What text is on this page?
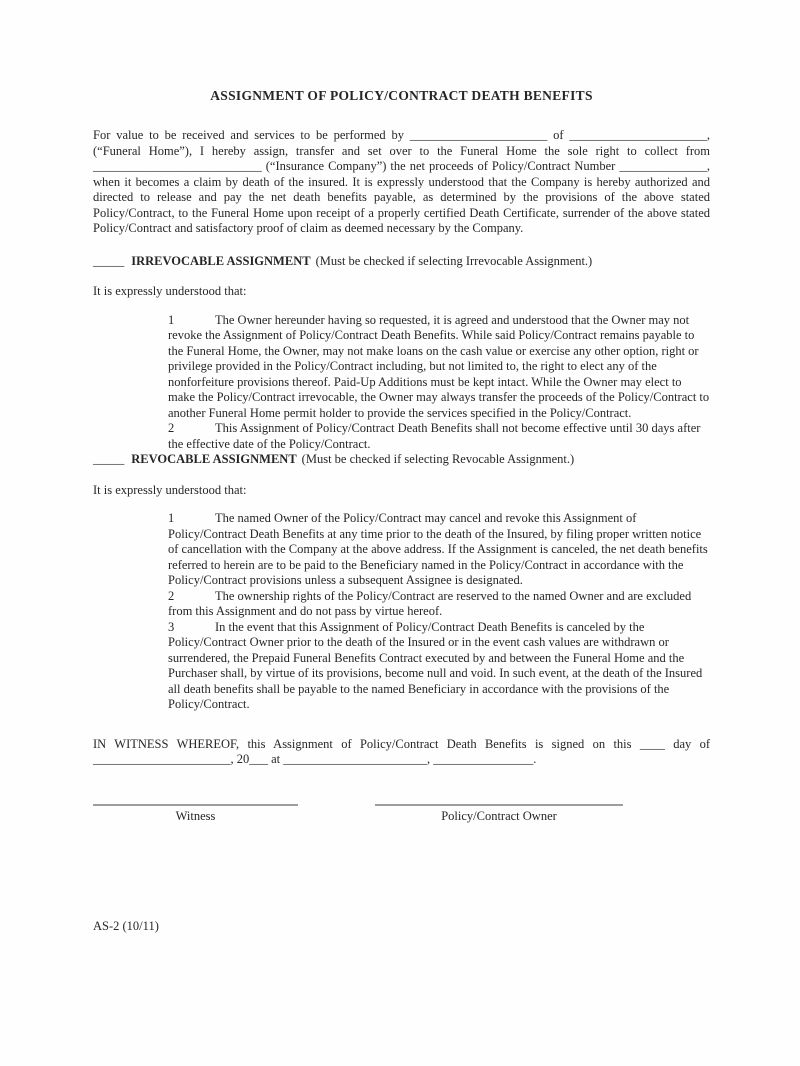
ASSIGNMENT OF POLICY/CONTRACT DEATH BENEFITS

For value to be received and services to be performed by ______________________ of ______________________, (“Funeral Home”), I hereby assign, transfer and set over to the Funeral Home the sole right to collect from ___________________________ (“Insurance Company”) the net proceeds of Policy/Contract Number ______________, when it becomes a claim by death of the insured. It is expressly understood that the Company is hereby authorized and directed to release and pay the net death benefits payable, as determined by the provisions of the above stated Policy/Contract, to the Funeral Home upon receipt of a properly certified Death Certificate, surrender of the above stated Policy/Contract and satisfactory proof of claim as deemed necessary by the Company.

_____ IRREVOCABLE ASSIGNMENT (Must be checked if selecting Irrevocable Assignment.)

It is expressly understood that:

1	The Owner hereunder having so requested, it is agreed and understood that the Owner may not revoke the Assignment of Policy/Contract Death Benefits. While said Policy/Contract remains payable to the Funeral Home, the Owner, may not make loans on the cash value or exercise any other option, right or privilege provided in the Policy/Contract including, but not limited to, the right to elect any of the nonforfeiture provisions thereof. Paid-Up Additions must be kept intact. While the Owner may elect to make the Policy/Contract irrevocable, the Owner may always transfer the proceeds of the Policy/Contract to another Funeral Home permit holder to provide the services specified in the Policy/Contract.
2	This Assignment of Policy/Contract Death Benefits shall not become effective until 30 days after the effective date of the Policy/Contract.
_____ REVOCABLE ASSIGNMENT (Must be checked if selecting Revocable Assignment.)

It is expressly understood that:

1	The named Owner of the Policy/Contract may cancel and revoke this Assignment of Policy/Contract Death Benefits at any time prior to the death of the Insured, by filing proper written notice of cancellation with the Company at the above address. If the Assignment is canceled, the net death benefits referred to herein are to be paid to the Beneficiary named in the Policy/Contract in accordance with the Policy/Contract provisions unless a subsequent Assignee is designated.
2	The ownership rights of the Policy/Contract are reserved to the named Owner and are excluded from this Assignment and do not pass by virtue hereof.
3	In the event that this Assignment of Policy/Contract Death Benefits is canceled by the Policy/Contract Owner prior to the death of the Insured or in the event cash values are withdrawn or surrendered, the Prepaid Funeral Benefits Contract executed by and between the Funeral Home and the Purchaser shall, by virtue of its provisions, become null and void. In such event, at the death of the Insured all death benefits shall be payable to the named Beneficiary in accordance with the provisions of the Policy/Contract.

IN WITNESS WHEREOF, this Assignment of Policy/Contract Death Benefits is signed on this ____ day of ______________________, 20___ at _______________________, ________________.

Witness	Policy/Contract Owner
AS-2 (10/11)
